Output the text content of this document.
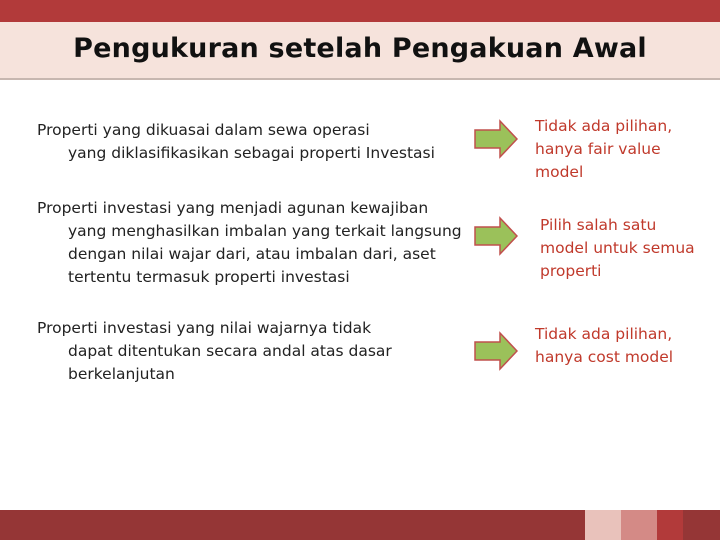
Pengukuran setelah Pengakuan Awal
Properti yang dikuasai dalam sewa operasi
yang diklasifikasikan sebagai properti Investasi
Tidak ada pilihan,
hanya fair value
model
Properti investasi yang menjadi agunan kewajiban
yang menghasilkan imbalan yang terkait langsung dengan nilai wajar dari, atau imbalan dari, aset tertentu termasuk properti investasi
Pilih salah satu
model untuk semua
properti
Properti investasi yang nilai wajarnya tidak
dapat ditentukan secara andal atas dasar berkelanjutan
Tidak ada pilihan,
hanya cost model
